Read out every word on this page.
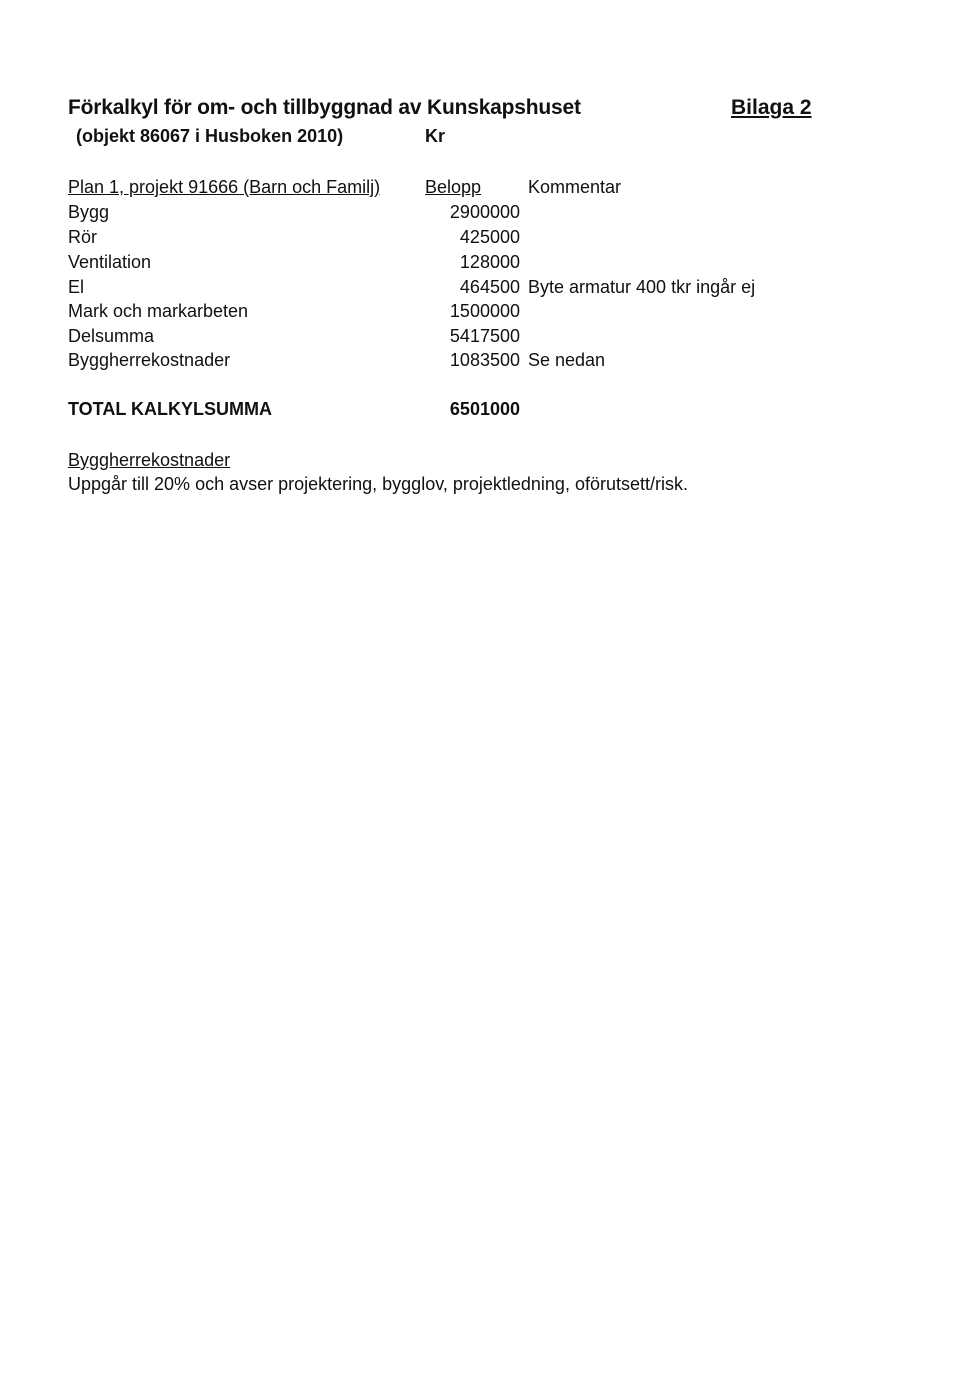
Förkalkyl för om- och tillbyggnad av Kunskapshuset	Bilaga 2
(objekt 86067 i Husboken 2010)	Kr
Plan 1, projekt 91666 (Barn och Familj) Belopp	Kommentar
Bygg	2900000
Rör	425000
Ventilation	128000
El	464500 Byte armatur 400 tkr ingår ej
Mark och markarbeten	1500000
Delsumma	5417500
Byggherrekostnader	1083500 Se nedan
TOTAL KALKYLSUMMA	6501000
Byggherrekostnader
Uppgår till 20% och avser projektering, bygglov, projektledning, oförutsett/risk.
